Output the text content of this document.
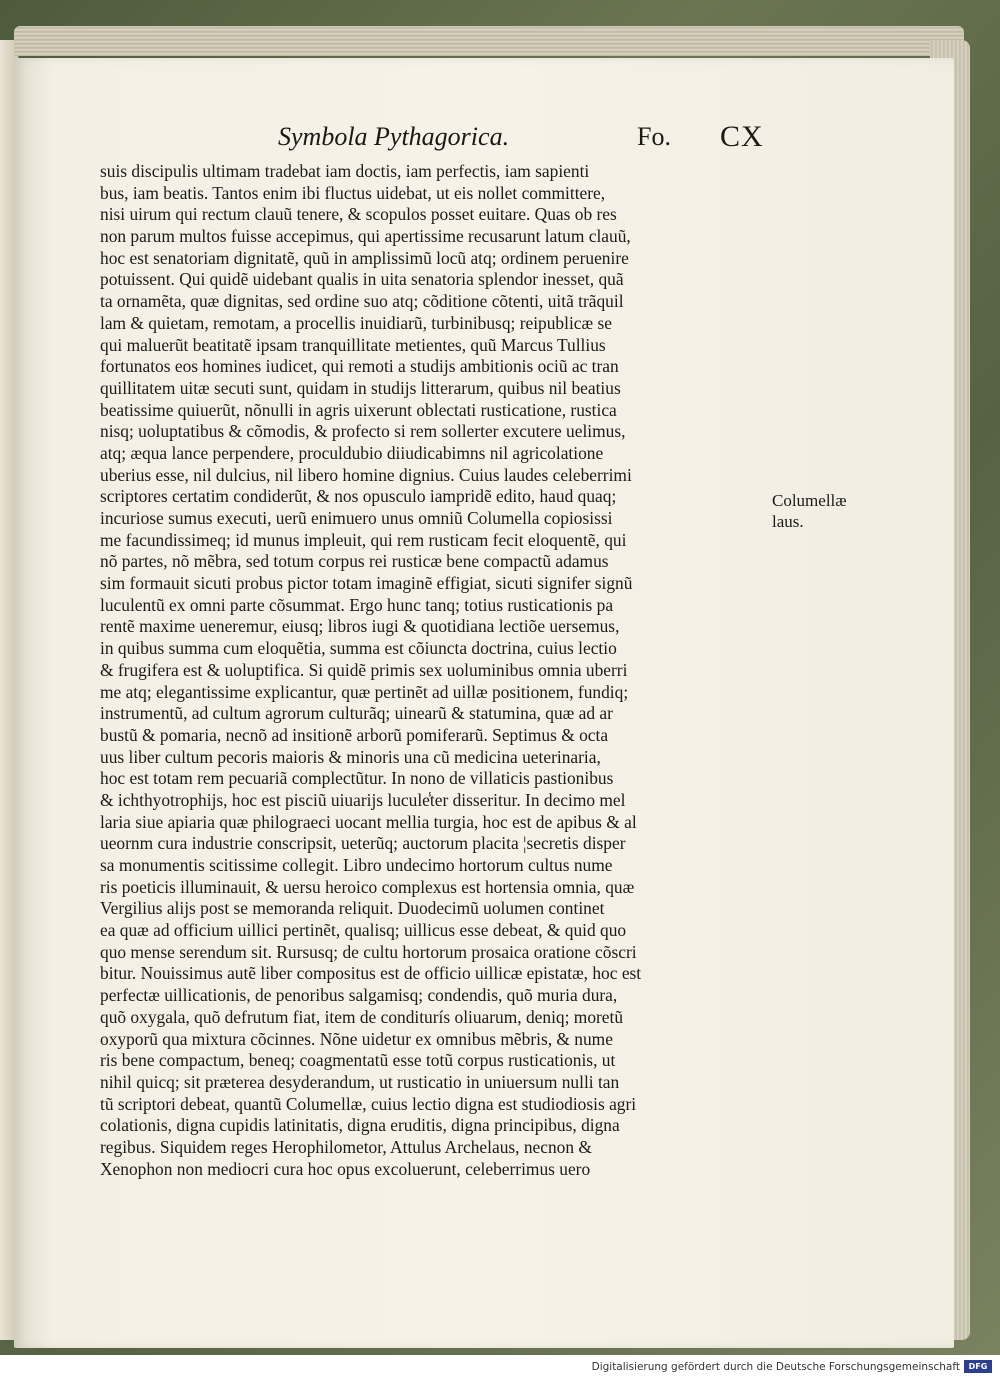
Symbola Pythagorica.	Fo. CX
suis discipulis ultimam tradebat iam doctis, iam perfectis, iam sapienti
bus, iam beatis. Tantos enim ibi fluctus uidebat, ut eis nollet committere,
nisi uirum qui rectum clauũ tenere, & scopulos posset euitare. Quas ob res
non parum multos fuisse accepimus, qui apertissime recusarunt latum clauũ,
hoc est senatoriam dignitatẽ, quũ in amplissimũ locũ atq; ordinem peruenire
potuissent. Qui quidẽ uidebant qualis in uita senatoria splendor inesset, quã
ta ornamẽta, quæ dignitas, sed ordine suo atq; cõditione cõtenti, uitã trãquil
lam & quietam, remotam, a procellis inuidiarũ, turbinibusq; reipublicæ se
qui maluerũt beatitatẽ ipsam tranquillitate metientes, quũ Marcus Tullius
fortunatos eos homines iudicet, qui remoti a studijs ambitionis ociũ ac tran
quillitatem uitæ secuti sunt, quidam in studijs litterarum, quibus nil beatius
beatissime quiuerũt, nõnulli in agris uixerunt oblectati rusticatione, rustica
nisq; uoluptatibus & cõmodis, & profecto si rem sollerter excutere uelimus,
atq; æqua lance perpendere, proculdubio diiudicabimns nil agricolatione
uberius esse, nil dulcius, nil libero homine dignius. Cuius laudes celeberrimi
scriptores certatim condiderũt, & nos opusculo iampridẽ edito, haud quaq;
incuriose sumus executi, uerũ enimuero unus omniũ Columella copiosissi
me facundissimeq; id munus impleuit, qui rem rusticam fecit eloquentẽ, qui
nõ partes, nõ mẽbra, sed totum corpus rei rusticæ bene compactũ adamus
sim formauit sicuti probus pictor totam imaginẽ effigiat, sicuti signifer signũ
luculentũ ex omni parte cõsummat. Ergo hunc tanq; totius rusticationis pa
rentẽ maxime ueneremur, eiusq; libros iugi & quotidiana lectiõe uersemus,
in quibus summa cum eloquẽtia, summa est cõiuncta doctrina, cuius lectio
& frugifera est & uoluptifica. Si quidẽ primis sex uoluminibus omnia uberri
me atq; elegantissime explicantur, quæ pertinẽt ad uillæ positionem, fundiq;
instrumentũ, ad cultum agrorum culturãq; uinearũ & statumina, quæ ad ar
bustũ & pomaria, necnõ ad insitionẽ arborũ pomiferarũ. Septimus & octa
uus liber cultum pecoris maioris & minoris una cũ medicina ueterinaria,
hoc est totam rem pecuariã complectũtur. In nono de villaticis pastionibus
& ichthyotrophijs, hoc est pisciũ uiuarijs lucule̾ter disseritur. In decimo mel
laria siue apiaria quæ philograeci uocant mellia turgia, hoc est de apibus & al
ueornm cura industrie conscripsit, ueterũq; auctorum placita ¦secretis disper
sa monumentis scitissime collegit. Libro undecimo hortorum cultus nume
ris poeticis illuminauit, & uersu heroico complexus est hortensia omnia, quæ
Vergilius alijs post se memoranda reliquit. Duodecimũ uolumen continet
ea quæ ad officium uillici pertinẽt, qualisq; uillicus esse debeat, & quid quo
quo mense serendum sit. Rursusq; de cultu hortorum prosaica oratione cõscri
bitur. Nouissimus autẽ liber compositus est de officio uillicæ epistatæ, hoc est
perfectæ uillicationis, de penoribus salgamisq; condendis, quõ muria dura,
quõ oxygala, quõ defrutum fiat, item de conditurís oliuarum, deniq; moretũ
oxyporũ qua mixtura cõcinnes. Nõne uidetur ex omnibus mẽbris, & nume
ris bene compactum, beneq; coagmentatũ esse totũ corpus rusticationis, ut
nihil quicq; sit præterea desyderandum, ut rusticatio in uniuersum nulli tan
tũ scriptori debeat, quantũ Columellæ, cuius lectio digna est studiodiosis agri
colationis, digna cupidis latinitatis, digna eruditis, digna principibus, digna
regibus. Siquidem reges Herophilometor, Attulus Archelaus, necnon &
Xenophon non mediocri cura hoc opus excoluerunt, celeberrimus uero
Columellæ
laus.
Digitalisierung gefördert durch die Deutsche Forschungsgemeinschaft	DFG
